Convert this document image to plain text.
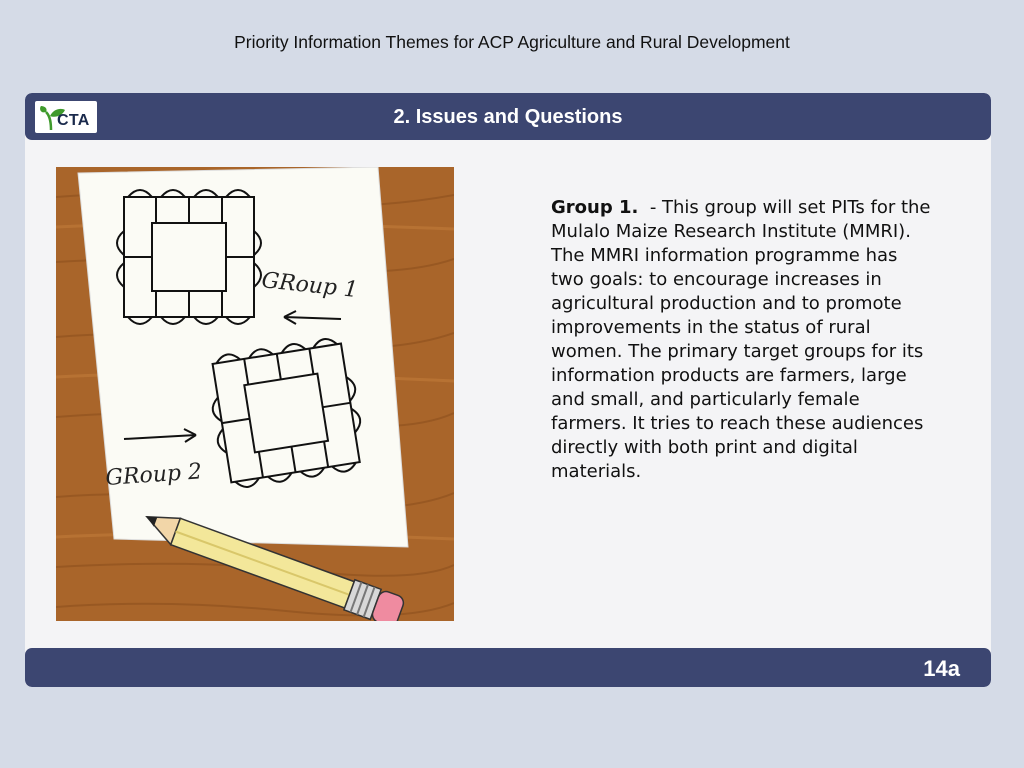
Priority Information Themes for ACP Agriculture and Rural Development
CTA	2. Issues and Questions
GRoup 1
GRoup 2
Group 1. - This group will set PITs for the Mulalo Maize Research Institute (MMRI). The MMRI information programme has two goals: to encourage increases in agricultural production and to promote improvements in the status of rural women. The primary target groups for its information products are farmers, large and small, and particularly female farmers. It tries to reach these audiences directly with both print and digital materials.
14a
